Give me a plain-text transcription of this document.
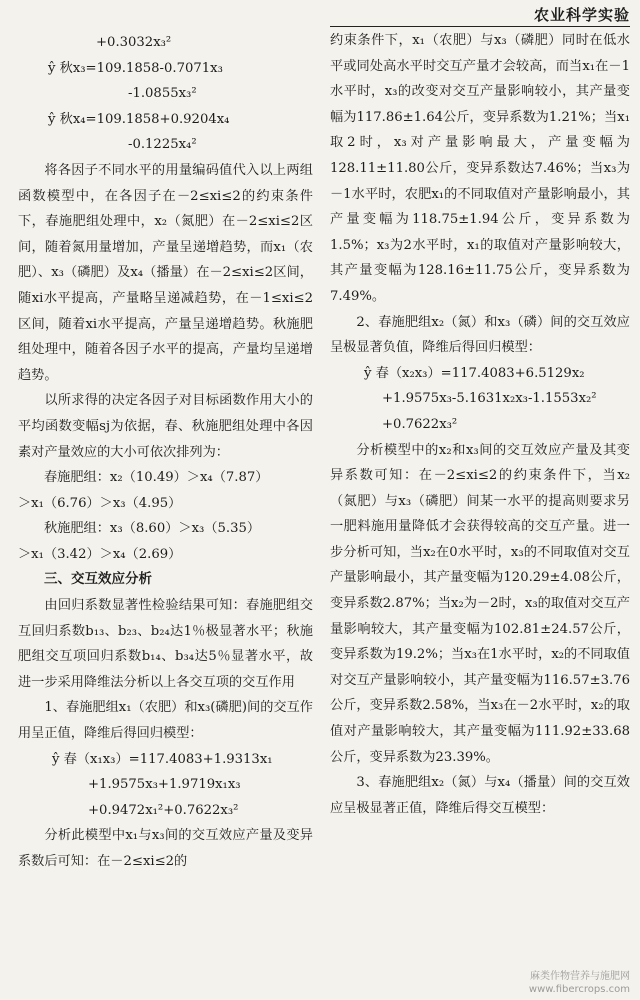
农业科学实验

+0.3032x₃²

ŷ 秋x₃=109.1858-0.7071x₃

-1.0855x₃²

ŷ 秋x₄=109.1858+0.9204x₄

-0.1225x₄²

将各因子不同水平的用量编码值代入以上两组函数模型中，在各因子在－2≤xi≤2的约束条件下，春施肥组处理中，x₂（氮肥）在－2≤xi≤2区间，随着氮用量增加，产量呈递增趋势，而x₁（农肥）、x₃（磷肥）及x₄（播量）在－2≤xi≤2区间，随xi水平提高，产量略呈递减趋势，在－1≤xi≤2区间，随着xi水平提高，产量呈递增趋势。秋施肥组处理中，随着各因子水平的提高，产量均呈递增趋势。

以所求得的决定各因子对目标函数作用大小的平均函数变幅sj为依据，春、秋施肥组处理中各因素对产量效应的大小可依次排列为：

春施肥组：x₂（10.49）＞x₄（7.87）

＞x₁（6.76）＞x₃（4.95）

秋施肥组：x₃（8.60）＞x₃（5.35）

＞x₁（3.42）＞x₄（2.69）

三、交互效应分析

由回归系数显著性检验结果可知：春施肥组交互回归系数b₁₃、b₂₃、b₂₄达1％极显著水平；秋施肥组交互项回归系数b₁₄、b₃₄达5％显著水平，故进一步采用降维法分析以上各交互项的交互作用

1、春施肥组x₁（农肥）和x₃(磷肥)间的交互作用呈正值，降维后得回归模型：

ŷ 春（x₁x₃）=117.4083+1.9313x₁

+1.9575x₃+1.9719x₁x₃

+0.9472x₁²+0.7622x₃²

分析此模型中x₁与x₃间的交互效应产量及变异系数后可知：在－2≤xi≤2的

约束条件下，x₁（农肥）与x₃（磷肥）同时在低水平或同处高水平时交互产量才会较高，而当x₁在－1水平时，x₃的改变对交互产量影响较小，其产量变幅为117.86±1.64公斤，变异系数为1.21%；当x₁取2时，x₃对产量影响最大，产量变幅为128.11±11.80公斤，变异系数达7.46%；当x₃为－1水平时，农肥x₁的不同取值对产量影响最小，其产量变幅为118.75±1.94公斤，变异系数为1.5%；x₃为2水平时，x₁的取值对产量影响较大，其产量变幅为128.16±11.75公斤，变异系数为7.49%。

2、春施肥组x₂（氮）和x₃（磷）间的交互效应呈极显著负值，降维后得回归模型：

ŷ 春（x₂x₃）=117.4083+6.5129x₂

+1.9575x₃-5.1631x₂x₃-1.1553x₂²

+0.7622x₃²

分析模型中的x₂和x₃间的交互效应产量及其变异系数可知：在－2≤xi≤2的约束条件下，当x₂（氮肥）与x₃（磷肥）间某一水平的提高则要求另一肥料施用量降低才会获得较高的交互产量。进一步分析可知，当x₂在0水平时，x₃的不同取值对交互产量影响最小，其产量变幅为120.29±4.08公斤，变异系数2.87%；当x₂为－2时，x₃的取值对交互产量影响较大，其产量变幅为102.81±24.57公斤，变异系数为19.2%；当x₃在1水平时，x₂的不同取值对交互产量影响较小，其产量变幅为116.57±3.76公斤，变异系数2.58%，当x₃在－2水平时，x₂的取值对产量影响较大，其产量变幅为111.92±33.68公斤，变异系数为23.39%。

3、春施肥组x₂（氮）与x₄（播量）间的交互效应呈极显著正值，降维后得交互模型：

麻类作物营养与施肥网
www.fibercrops.com
